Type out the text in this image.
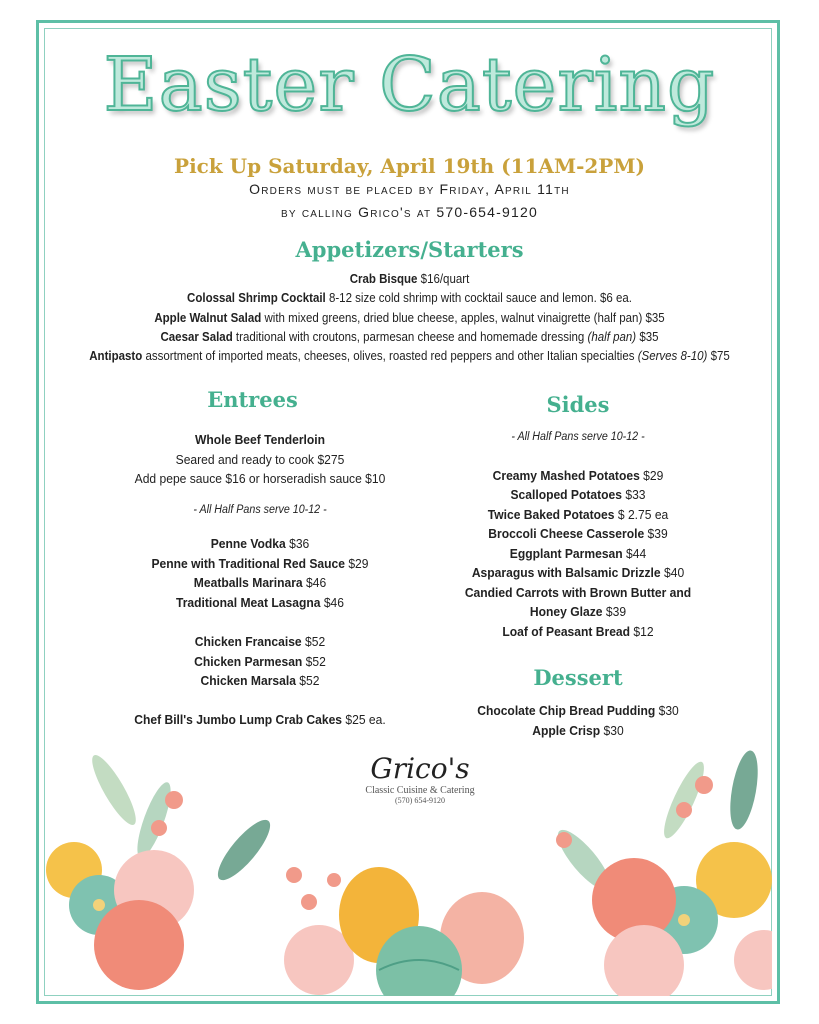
Easter Catering
Pick Up Saturday, April 19th (11AM-2PM)
Orders must be placed by Friday, April 11th
by calling Grico's at 570-654-9120
Appetizers/Starters
Crab Bisque $16/quart
Colossal Shrimp Cocktail 8-12 size cold shrimp with cocktail sauce and lemon. $6 ea.
Apple Walnut Salad with mixed greens, dried blue cheese, apples, walnut vinaigrette (half pan) $35
Caesar Salad traditional with croutons, parmesan cheese and homemade dressing (half pan) $35
Antipasto assortment of imported meats, cheeses, olives, roasted red peppers and other Italian specialties (Serves 8-10) $75
Entrees
Whole Beef Tenderloin
Seared and ready to cook $275
Add pepe sauce $16 or horseradish sauce $10
- All Half Pans serve 10-12 -
Penne Vodka $36
Penne with Traditional Red Sauce $29
Meatballs Marinara $46
Traditional Meat Lasagna $46
Chicken Francaise $52
Chicken Parmesan $52
Chicken Marsala $52
Chef Bill's Jumbo Lump Crab Cakes $25 ea.
Sides
- All Half Pans serve 10-12 -
Creamy Mashed Potatoes $29
Scalloped Potatoes $33
Twice Baked Potatoes $ 2.75 ea
Broccoli Cheese Casserole $39
Eggplant Parmesan $44
Asparagus with Balsamic Drizzle $40
Candied Carrots with Brown Butter and
Honey Glaze $39
Loaf of Peasant Bread $12
Dessert
Chocolate Chip Bread Pudding $30
Apple Crisp $30
Grico's
Classic Cuisine & Catering
(570) 654-9120
